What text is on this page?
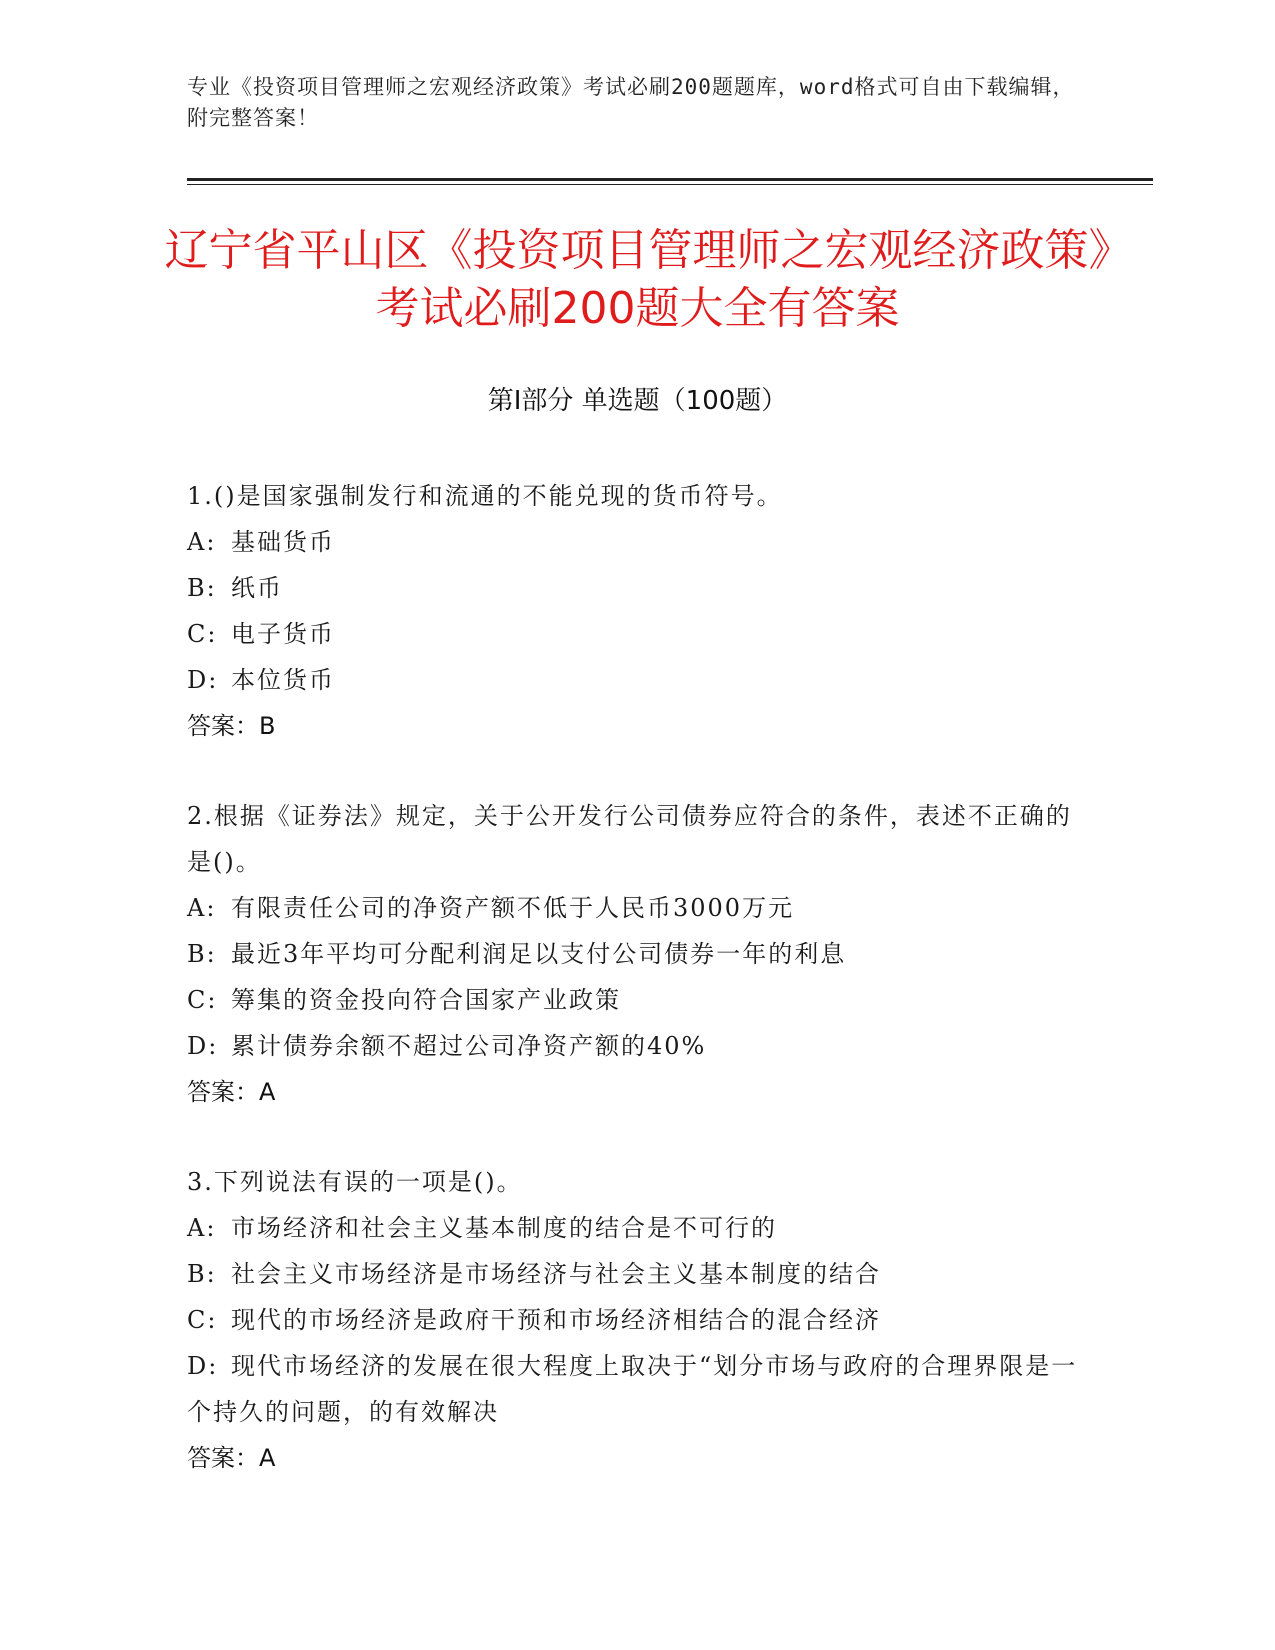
专业《投资项目管理师之宏观经济政策》考试必刷200题题库，word格式可自由下载编辑，附完整答案！
辽宁省平山区《投资项目管理师之宏观经济政策》考试必刷200题大全有答案
第Ⅰ部分 单选题（100题）
1.()是国家强制发行和流通的不能兑现的货币符号。
A: 基础货币
B: 纸币
C: 电子货币
D: 本位货币
答案：B
2.根据《证券法》规定，关于公开发行公司债券应符合的条件，表述不正确的是()。
A: 有限责任公司的净资产额不低于人民币3000万元
B: 最近3年平均可分配利润足以支付公司债券一年的利息
C: 筹集的资金投向符合国家产业政策
D: 累计债券余额不超过公司净资产额的40%
答案：A
3.下列说法有误的一项是()。
A: 市场经济和社会主义基本制度的结合是不可行的
B: 社会主义市场经济是市场经济与社会主义基本制度的结合
C: 现代的市场经济是政府干预和市场经济相结合的混合经济
D: 现代市场经济的发展在很大程度上取决于“划分市场与政府的合理界限是一个持久的问题，的有效解决
答案：A
